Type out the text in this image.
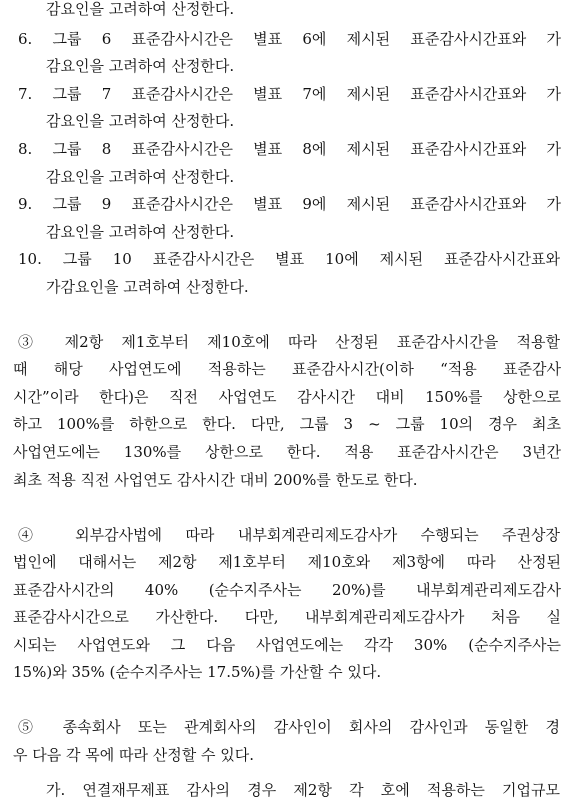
감요인을 고려하여 산정한다.
6. 그룹 6 표준감사시간은 별표 6에 제시된 표준감사시간표와 가
감요인을 고려하여 산정한다.
7. 그룹 7 표준감사시간은 별표 7에 제시된 표준감사시간표와 가
감요인을 고려하여 산정한다.
8. 그룹 8 표준감사시간은 별표 8에 제시된 표준감사시간표와 가
감요인을 고려하여 산정한다.
9. 그룹 9 표준감사시간은 별표 9에 제시된 표준감사시간표와 가
감요인을 고려하여 산정한다.
10. 그룹 10 표준감사시간은 별표 10에 제시된 표준감사시간표와
가감요인을 고려하여 산정한다.
③ 제2항 제1호부터 제10호에 따라 산정된 표준감사시간을 적용할
때 해당 사업연도에 적용하는 표준감사시간(이하 “적용 표준감사
시간”이라 한다)은 직전 사업연도 감사시간 대비 150%를 상한으로
하고 100%를 하한으로 한다. 다만, 그룹 3 ~ 그룹 10의 경우 최초
사업연도에는 130%를 상한으로 한다. 적용 표준감사시간은 3년간
최초 적용 직전 사업연도 감사시간 대비 200%를 한도로 한다.
④ 외부감사법에 따라 내부회계관리제도감사가 수행되는 주권상장
법인에 대해서는 제2항 제1호부터 제10호와 제3항에 따라 산정된
표준감사시간의 40% (순수지주사는 20%)를 내부회계관리제도감사
표준감사시간으로 가산한다. 다만, 내부회계관리제도감사가 처음 실
시되는 사업연도와 그 다음 사업연도에는 각각 30% (순수지주사는
15%)와 35% (순수지주사는 17.5%)를 가산할 수 있다.
⑤ 종속회사 또는 관계회사의 감사인이 회사의 감사인과 동일한 경
우 다음 각 목에 따라 산정할 수 있다.
가. 연결재무제표 감사의 경우 제2항 각 호에 적용하는 기업규모
